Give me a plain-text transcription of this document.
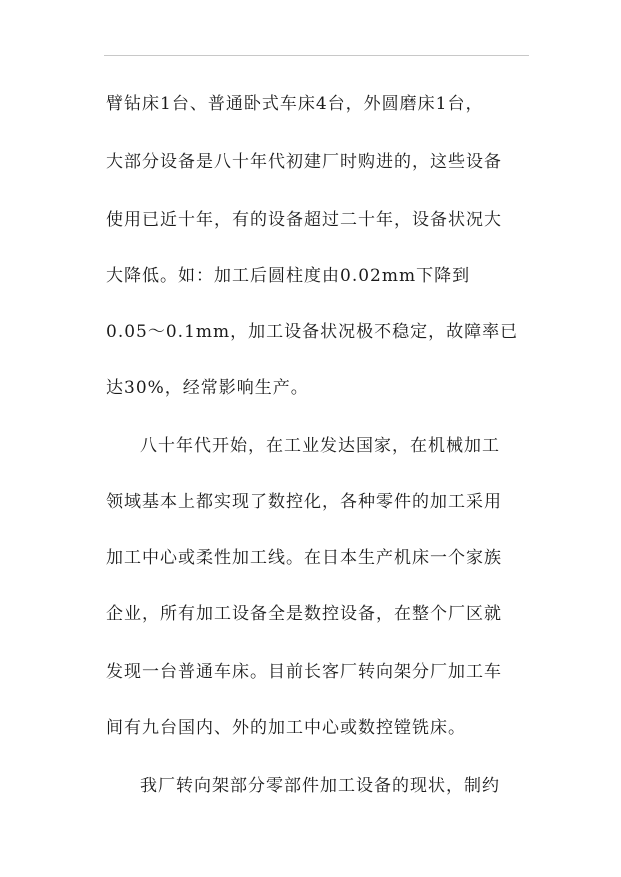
臂钻床1台、普通卧式车床4台，外圆磨床1台，
大部分设备是八十年代初建厂时购进的，这些设备
使用已近十年，有的设备超过二十年，设备状况大
大降低。如：加工后圆柱度由0.02mm下降到
0.05～0.1mm，加工设备状况极不稳定，故障率已
达30%，经常影响生产。
八十年代开始，在工业发达国家，在机械加工
领域基本上都实现了数控化，各种零件的加工采用
加工中心或柔性加工线。在日本生产机床一个家族
企业，所有加工设备全是数控设备，在整个厂区就
发现一台普通车床。目前长客厂转向架分厂加工车
间有九台国内、外的加工中心或数控镗铣床。
我厂转向架部分零部件加工设备的现状，制约
